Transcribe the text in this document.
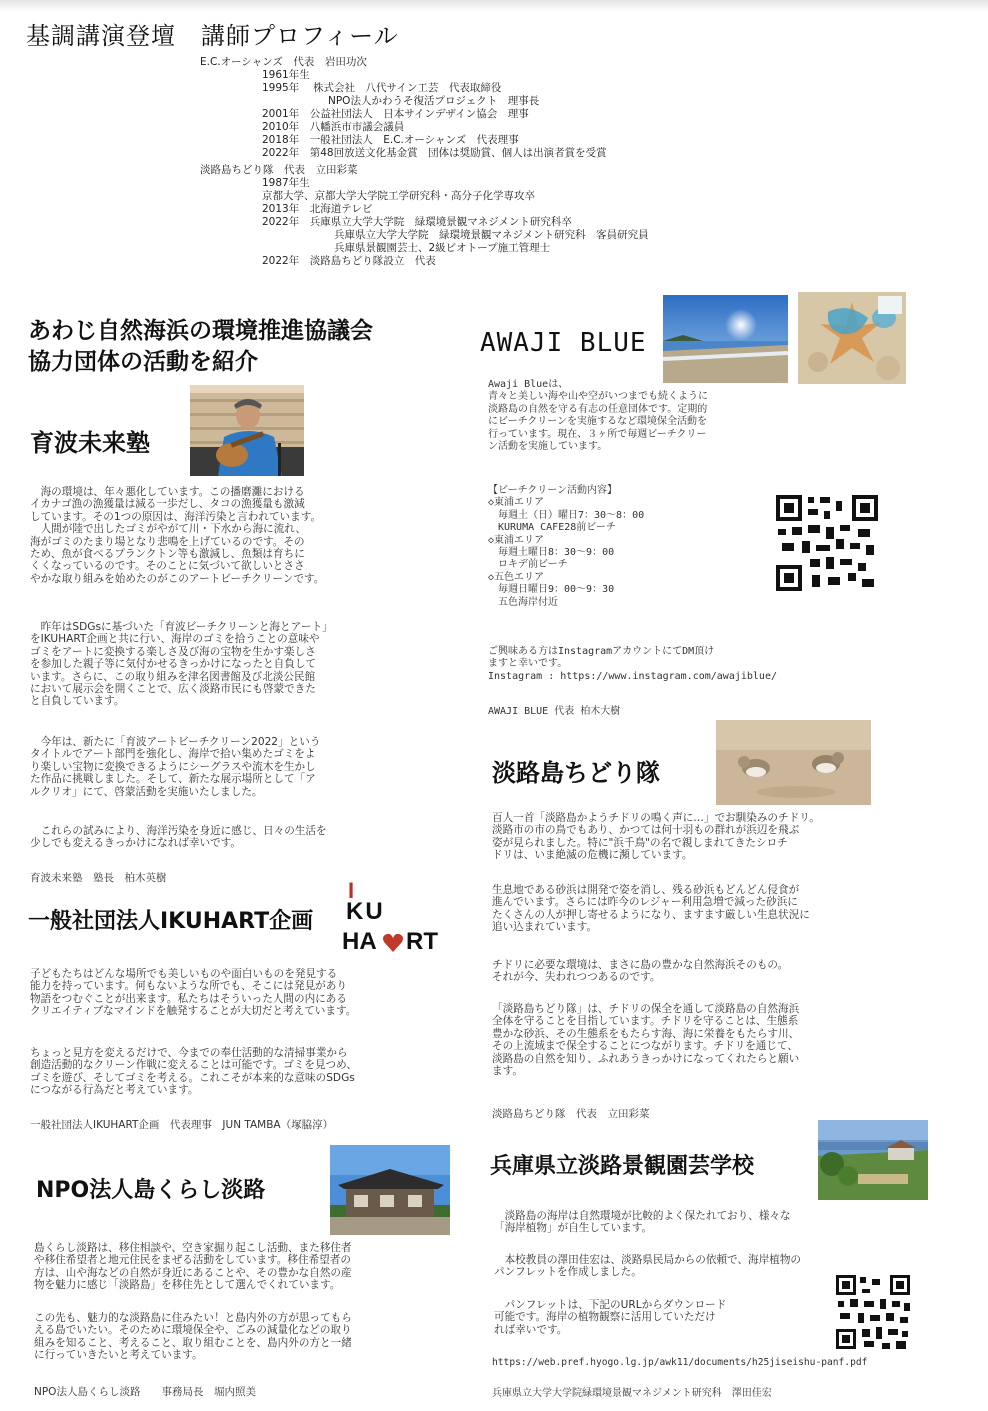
基調講演登壇　講師プロフィール
E.C.オーシャンズ　代表　岩田功次
1961年生
1995年　 株式会社　八代サイン工芸　代表取締役
NPO法人かわうそ復活プロジェクト　理事長
2001年　公益社団法人　日本サインデザイン協会　理事
2010年　八幡浜市市議会議員
2018年　一般社団法人　E.C.オーシャンズ　代表理事
2022年　第48回放送文化基金賞　団体は奨励賞、個人は出演者賞を受賞
淡路島ちどり隊　代表　立田彩菜
1987年生
京都大学、京都大学大学院工学研究科・高分子化学専攻卒
2013年　北海道テレビ
2022年　兵庫県立大学大学院　緑環境景観マネジメント研究科卒
兵庫県立大学大学院　緑環境景観マネジメント研究科　客員研究員
兵庫県景観園芸士、2級ビオトープ施工管理士
2022年　淡路島ちどり隊設立　代表
あわじ自然海浜の環境推進協議会
協力団体の活動を紹介
育波未来塾
　海の環境は、年々悪化しています。この播磨灘における
イカナゴ漁の漁獲量は減る一歩だし、タコの漁獲量も激減
しています。その1つの原因は、海洋汚染と言われています。
　人間が陸で出したゴミがやがて川・下水から海に流れ、
海がゴミのたまり場となり悲鳴を上げているのです。その
ため、魚が食べるプランクトン等も激減し、魚類は育ちに
くくなっているのです。そのことに気づいて欲しいとささ
やかな取り組みを始めたのがこのアートビーチクリーンです。
　昨年はSDGsに基づいた「育波ビーチクリーンと海とアート」
をIKUHART企画と共に行い、海岸のゴミを拾うことの意味や
ゴミをアートに変換する楽しさ及び海の宝物を生かす楽しさ
を参加した親子等に気付かせるきっかけになったと自負して
います。さらに、この取り組みを津名図書館及び北淡公民館
において展示会を開くことで、広く淡路市民にも啓蒙できた
と自負しています。
　今年は、新たに「育波アートビーチクリーン2022」という
タイトルでアート部門を強化し、海岸で拾い集めたゴミをよ
り楽しい宝物に変換できるようにシーグラスや流木を生かし
た作品に挑戦しました。そして、新たな展示場所として「ア
ルクリオ」にて、啓蒙活動を実施いたしました。
　これらの試みにより、海洋汚染を身近に感じ、日々の生活を
少しでも変えるきっかけになれば幸いです。
育波未来塾　塾長　柏木英樹
一般社団法人IKUHART企画
I
KU
HA RT
子どもたちはどんな場所でも美しいものや面白いものを発見する
能力を持っています。何もないような所でも、そこには発見があり
物語をつむぐことが出来ます。私たちはそういった人間の内にある
クリエイティブなマインドを触発することが大切だと考えています。
ちょっと見方を変えるだけで、今までの奉仕活動的な清掃事業から
創造活動的なクリーン作戦に変えることは可能です。ゴミを見つめ、
ゴミを遊び、そしてゴミを考える。これこそが本来的な意味のSDGs
につながる行為だと考えています。
一般社団法人IKUHART企画　代表理事　JUN TAMBA（塚脇淳）
NPO法人島くらし淡路
島くらし淡路は、移住相談や、空き家掘り起こし活動、また移住者
や移住希望者と地元住民をまぜる活動をしています。移住希望者の
方は、山や海などの自然が身近にあることや、その豊かな自然の産
物を魅力に感じ「淡路島」を移住先として選んでくれています。
この先も、魅力的な淡路島に住みたい！と島内外の方が思ってもら
える島でいたい。そのために環境保全や、ごみの減量化などの取り
組みを知ること、考えること、取り組むことを、島内外の方と一緒
に行っていきたいと考えています。
NPO法人島くらし淡路　　事務局長　堀内照美
AWAJI BLUE
Awaji Blueは、
青々と美しい海や山や空がいつまでも続くように
淡路島の自然を守る有志の任意団体です。定期的
にビーチクリーンを実施するなど環境保全活動を
行っています。現在、３ヶ所で毎週ビーチクリー
ン活動を実施しています。
【ビーチクリーン活動内容】
◇東浦エリア
　毎週土（日）曜日7：30～8：00
　KURUMA CAFE28前ビーチ
◇東浦エリア
　毎週土曜日8：30～9：00
　ロキデ前ビーチ
◇五色エリア
　毎週日曜日9：00～9：30
　五色海岸付近
ご興味ある方はInstagramアカウントにてDM頂け
ますと幸いです。
Instagram : https://www.instagram.com/awajiblue/
AWAJI BLUE 代表 柏木大樹
淡路島ちどり隊
百人一首「淡路島かようチドリの鳴く声に…」でお馴染みのチドリ。
淡路市の市の鳥でもあり、かつては何十羽もの群れが浜辺を飛ぶ
姿が見られました。特に"浜千鳥"の名で親しまれてきたシロチ
ドリは、いま絶滅の危機に瀕しています。
生息地である砂浜は開発で姿を消し、残る砂浜もどんどん侵食が
進んでいます。さらには昨今のレジャー利用急増で減った砂浜に
たくさんの人が押し寄せるようになり、ますます厳しい生息状況に
追い込まれています。
チドリに必要な環境は、まさに島の豊かな自然海浜そのもの。
それが今、失われつつあるのです。
「淡路島ちどり隊」は、チドリの保全を通して淡路島の自然海浜
全体を守ることを目指しています。チドリを守ることは、生態系
豊かな砂浜、その生態系をもたらす海、海に栄養をもたらす川、
その上流域まで保全することにつながります。チドリを通じて、
淡路島の自然を知り、ふれあうきっかけになってくれたらと願い
ます。
淡路島ちどり隊　代表　立田彩菜
兵庫県立淡路景観園芸学校
　淡路島の海岸は自然環境が比較的よく保たれており、様々な
「海岸植物」が自生しています。
　本校教員の澤田佳宏は、淡路県民局からの依頼で、海岸植物の
パンフレットを作成しました。
　パンフレットは、下記のURLからダウンロード
可能です。海岸の植物観察に活用していただけ
れば幸いです。
https://web.pref.hyogo.lg.jp/awk11/documents/h25jiseishu-panf.pdf
兵庫県立大学大学院緑環境景観マネジメント研究科　澤田佳宏
